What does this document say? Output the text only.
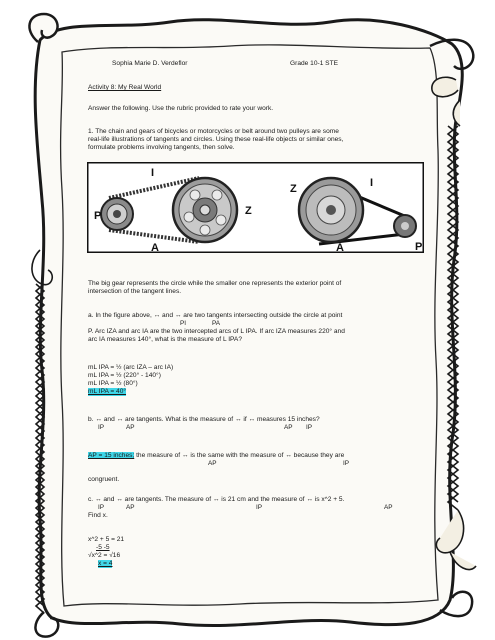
I
P
A
Z
Z	I
A	P
Sophia Marie D. Verdeflor	Grade 10-1 STE
Activity 8: My Real World
Answer the following. Use the rubric provided to rate your work.
1. The chain and gears of bicycles or motorcycles or belt around two pulleys are some
real-life illustrations of tangents and circles. Using these real-life objects or similar ones,
formulate problems involving tangents, then solve.
The big gear represents the circle while the smaller one represents the exterior point of
intersection of the tangent lines.
a. In the figure above, ↔ and ↔ are two tangents intersecting outside the circle at point
PI	PA
P. Arc IZA and arc IA are the two intercepted arcs of L IPA. If arc IZA measures 220° and
arc IA measures 140°, what is the measure of L IPA?
mL IPA = ½ (arc IZA – arc IA)
mL IPA = ½ (220° - 140°)
mL IPA = ½ (80°)
mL IPA = 40°
b. ↔ and ↔ are tangents. What is the measure of ↔ if ↔ measures 15 inches?
IP	AP	AP IP
AP = 15 inches; the measure of ↔ is the same with the measure of ↔ because they are
AP	IP
congruent.
c. ↔ and ↔ are tangents. The measure of ↔ is 21 cm and the measure of ↔ is x^2 + 5.
IP	AP	IP	AP
Find x.
x^2 + 5 = 21
-5 -5
√x^2 = √16
x = 4
